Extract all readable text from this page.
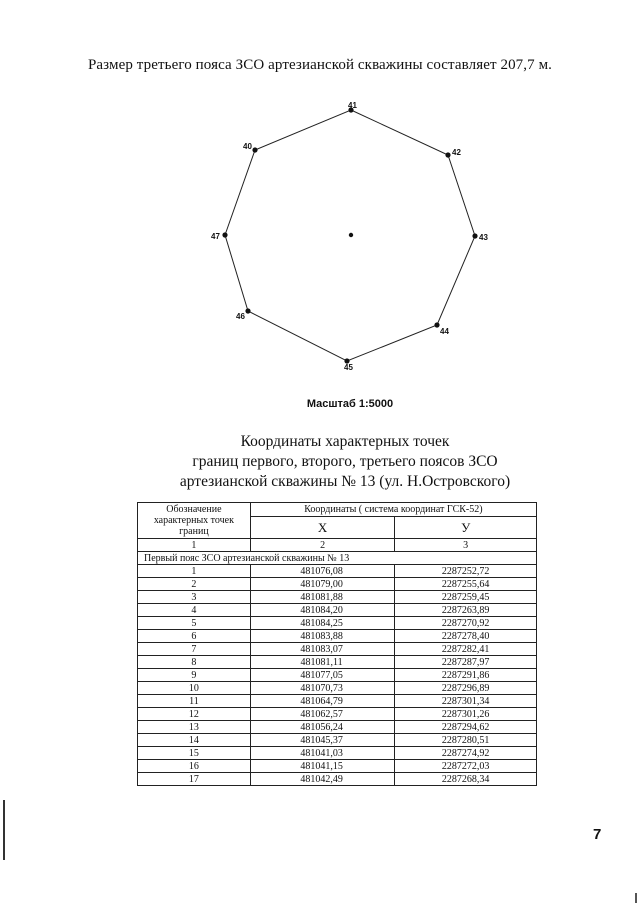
Размер третьего пояса ЗСО артезианской скважины составляет 207,7 м.
41
42
43
44
45
46
47
40
Масштаб 1:5000
Координаты характерных точек
границ первого, второго, третьего поясов ЗСО
артезианской скважины № 13 (ул. Н.Островского)
Обозначение характерных точек границ	Координаты ( система координат ГСК-52)	
	X	У
1	2	3
Первый пояс ЗСО артезианской скважины № 13		
1	481076,08	2287252,72
2	481079,00	2287255,64
3	481081,88	2287259,45
4	481084,20	2287263,89
5	481084,25	2287270,92
6	481083,88	2287278,40
7	481083,07	2287282,41
8	481081,11	2287287,97
9	481077,05	2287291,86
10	481070,73	2287296,89
11	481064,79	2287301,34
12	481062,57	2287301,26
13	481056,24	2287294,62
14	481045,37	2287280,51
15	481041,03	2287274,92
16	481041,15	2287272,03
17	481042,49	2287268,34
7
